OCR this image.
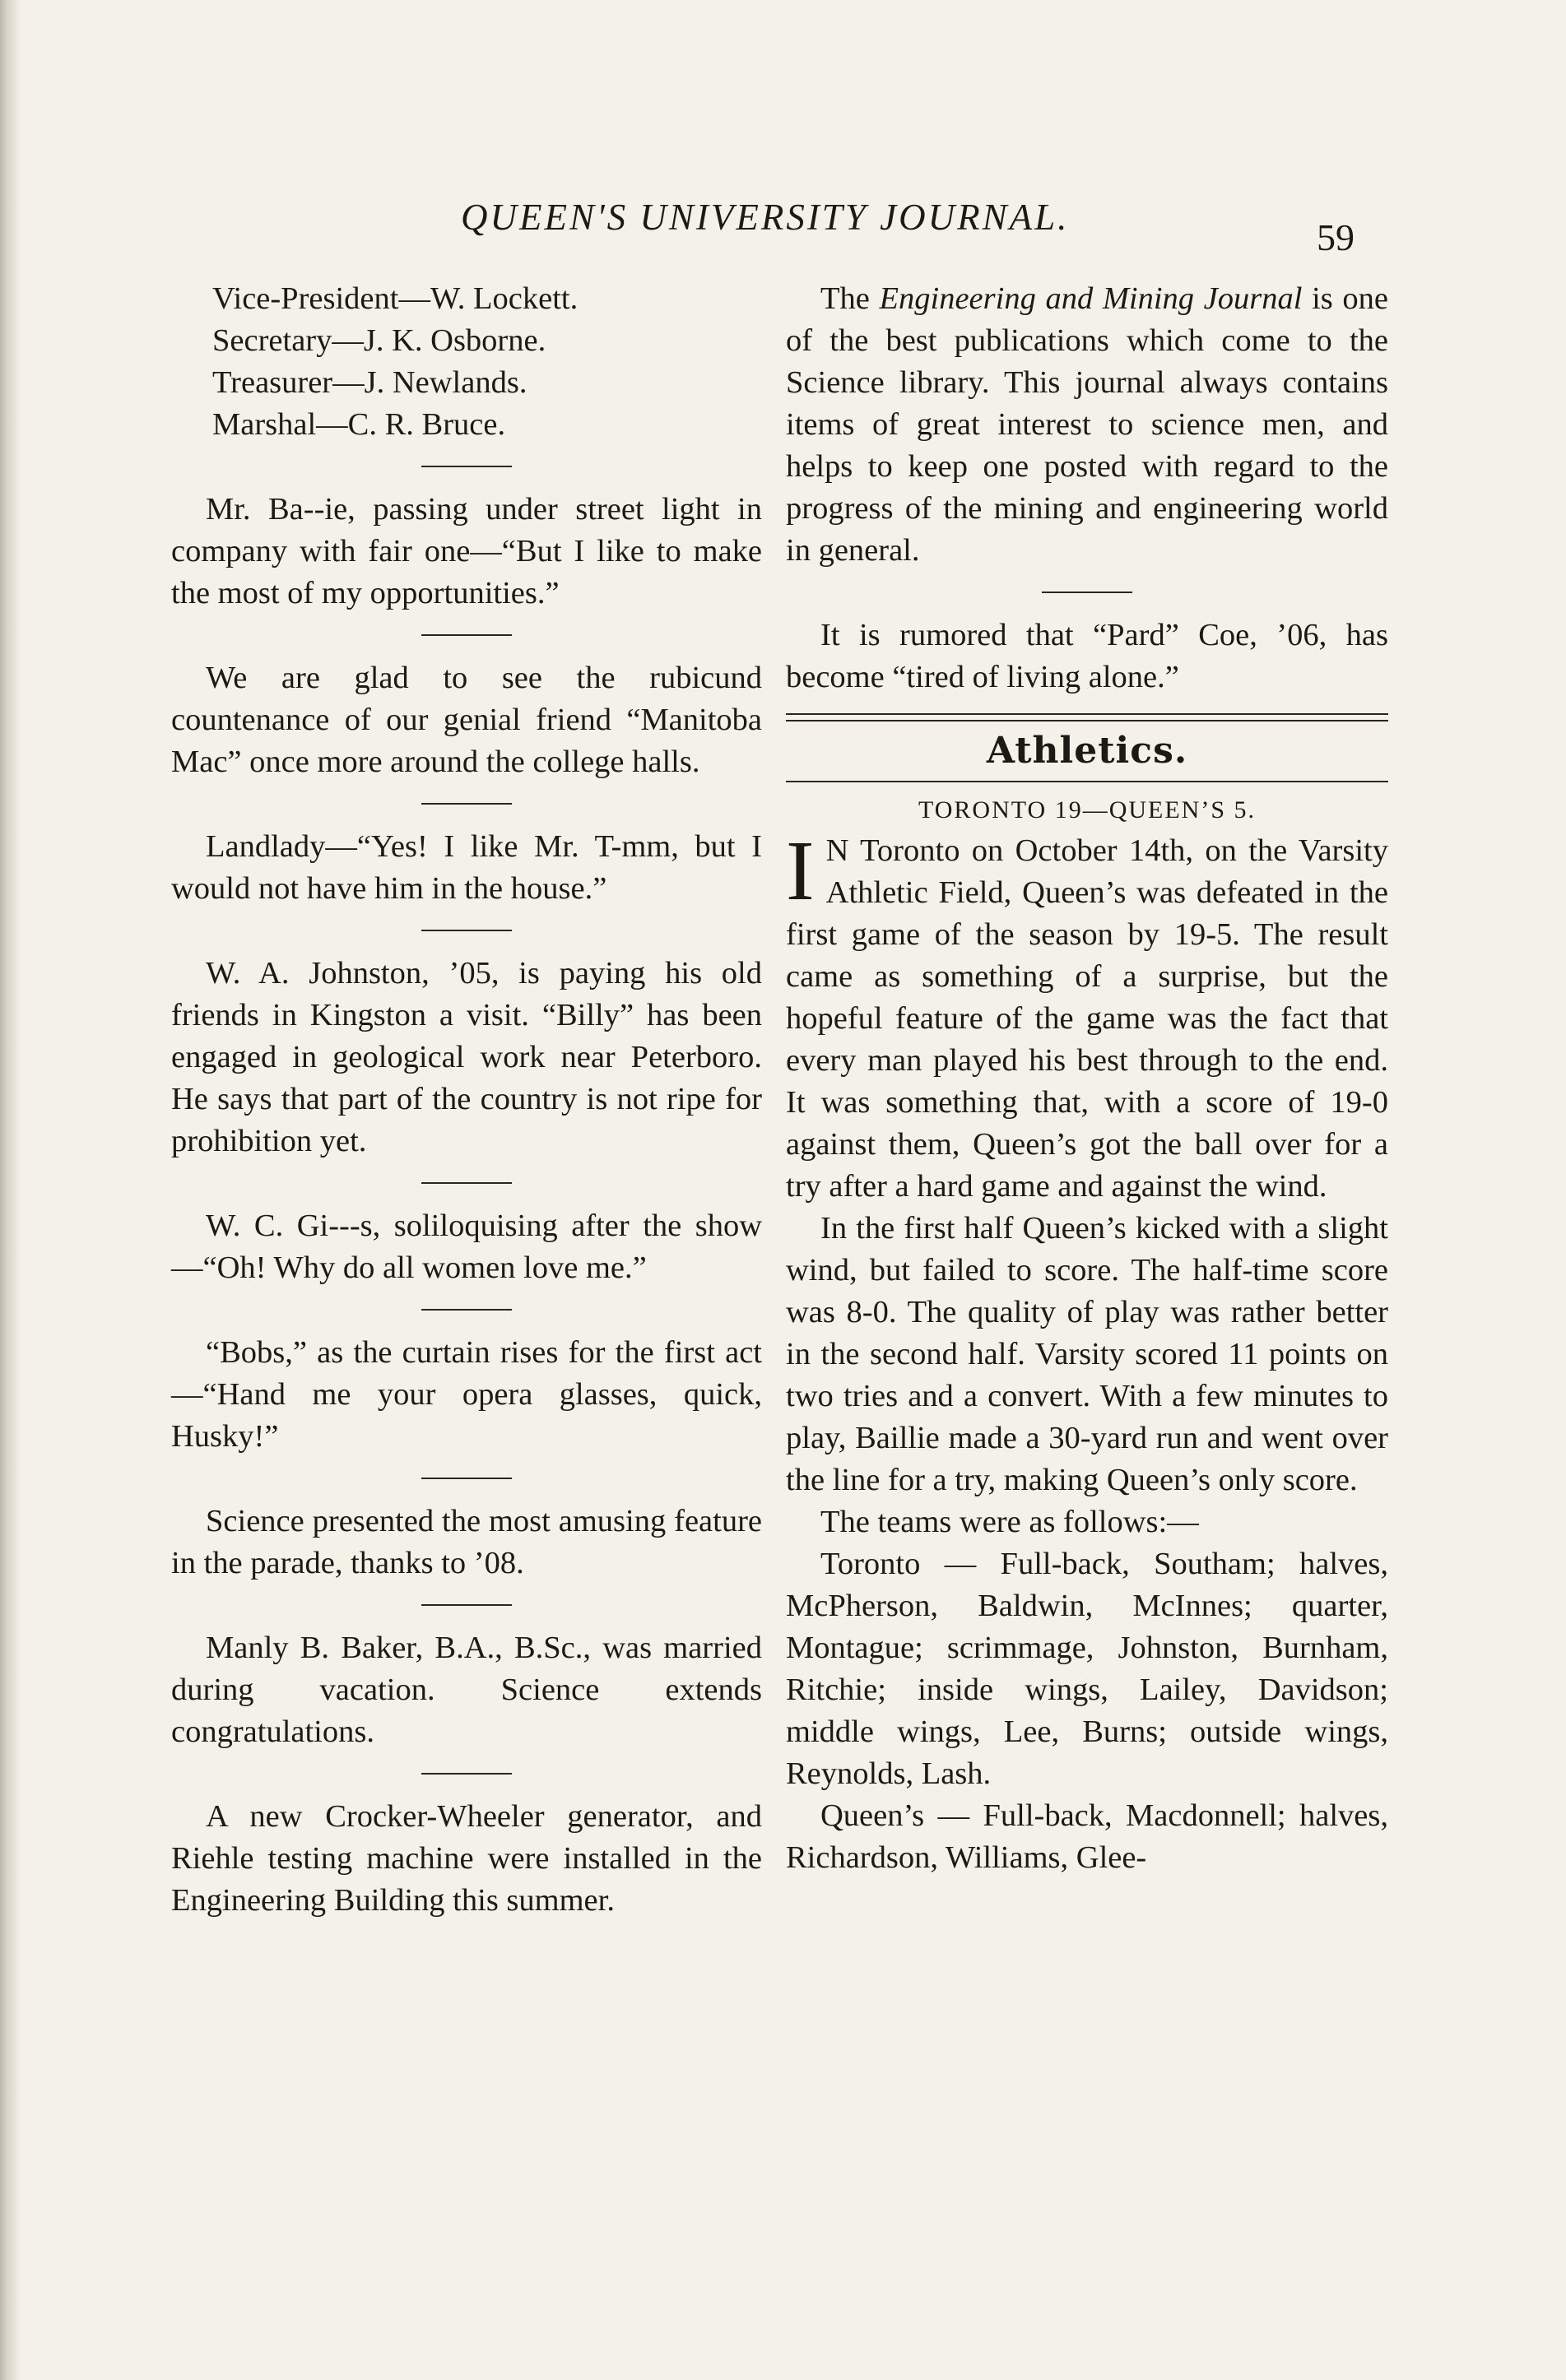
QUEEN'S UNIVERSITY JOURNAL.	59

Vice-President—W. Lockett.

Secretary—J. K. Osborne.

Treasurer—J. Newlands.

Marshal—C. R. Bruce.

Mr. Ba--ie, passing under street light in company with fair one—“But I like to make the most of my opportunities.”

We are glad to see the rubicund countenance of our genial friend “Manitoba Mac” once more around the college halls.

Landlady—“Yes! I like Mr. T-mm, but I would not have him in the house.”

W. A. Johnston, ’05, is paying his old friends in Kingston a visit. “Billy” has been engaged in geological work near Peterboro. He says that part of the country is not ripe for prohibition yet.

W. C. Gi---s, soliloquising after the show—“Oh! Why do all women love me.”

“Bobs,” as the curtain rises for the first act—“Hand me your opera glasses, quick, Husky!”

Science presented the most amusing feature in the parade, thanks to ’08.

Manly B. Baker, B.A., B.Sc., was married during vacation. Science extends congratulations.

A new Crocker-Wheeler generator, and Riehle testing machine were installed in the Engineering Building this summer.

The Engineering and Mining Journal is one of the best publications which come to the Science library. This journal always contains items of great interest to science men, and helps to keep one posted with regard to the progress of the mining and engineering world in general.

It is rumored that “Pard” Coe, ’06, has become “tired of living alone.”

Athletics.
TORONTO 19—QUEEN’S 5.

I N Toronto on October 14th, on the Varsity Athletic Field, Queen’s was defeated in the first game of the season by 19-5. The result came as something of a surprise, but the hopeful feature of the game was the fact that every man played his best through to the end. It was something that, with a score of 19-0 against them, Queen’s got the ball over for a try after a hard game and against the wind.

In the first half Queen’s kicked with a slight wind, but failed to score. The half-time score was 8-0. The quality of play was rather better in the second half. Varsity scored 11 points on two tries and a convert. With a few minutes to play, Baillie made a 30-yard run and went over the line for a try, making Queen’s only score.

The teams were as follows:—

Toronto — Full-back, Southam; halves, McPherson, Baldwin, McInnes; quarter, Montague; scrimmage, Johnston, Burnham, Ritchie; inside wings, Lailey, Davidson; middle wings, Lee, Burns; outside wings, Reynolds, Lash.

Queen’s — Full-back, Macdonnell; halves, Richardson, Williams, Glee-
